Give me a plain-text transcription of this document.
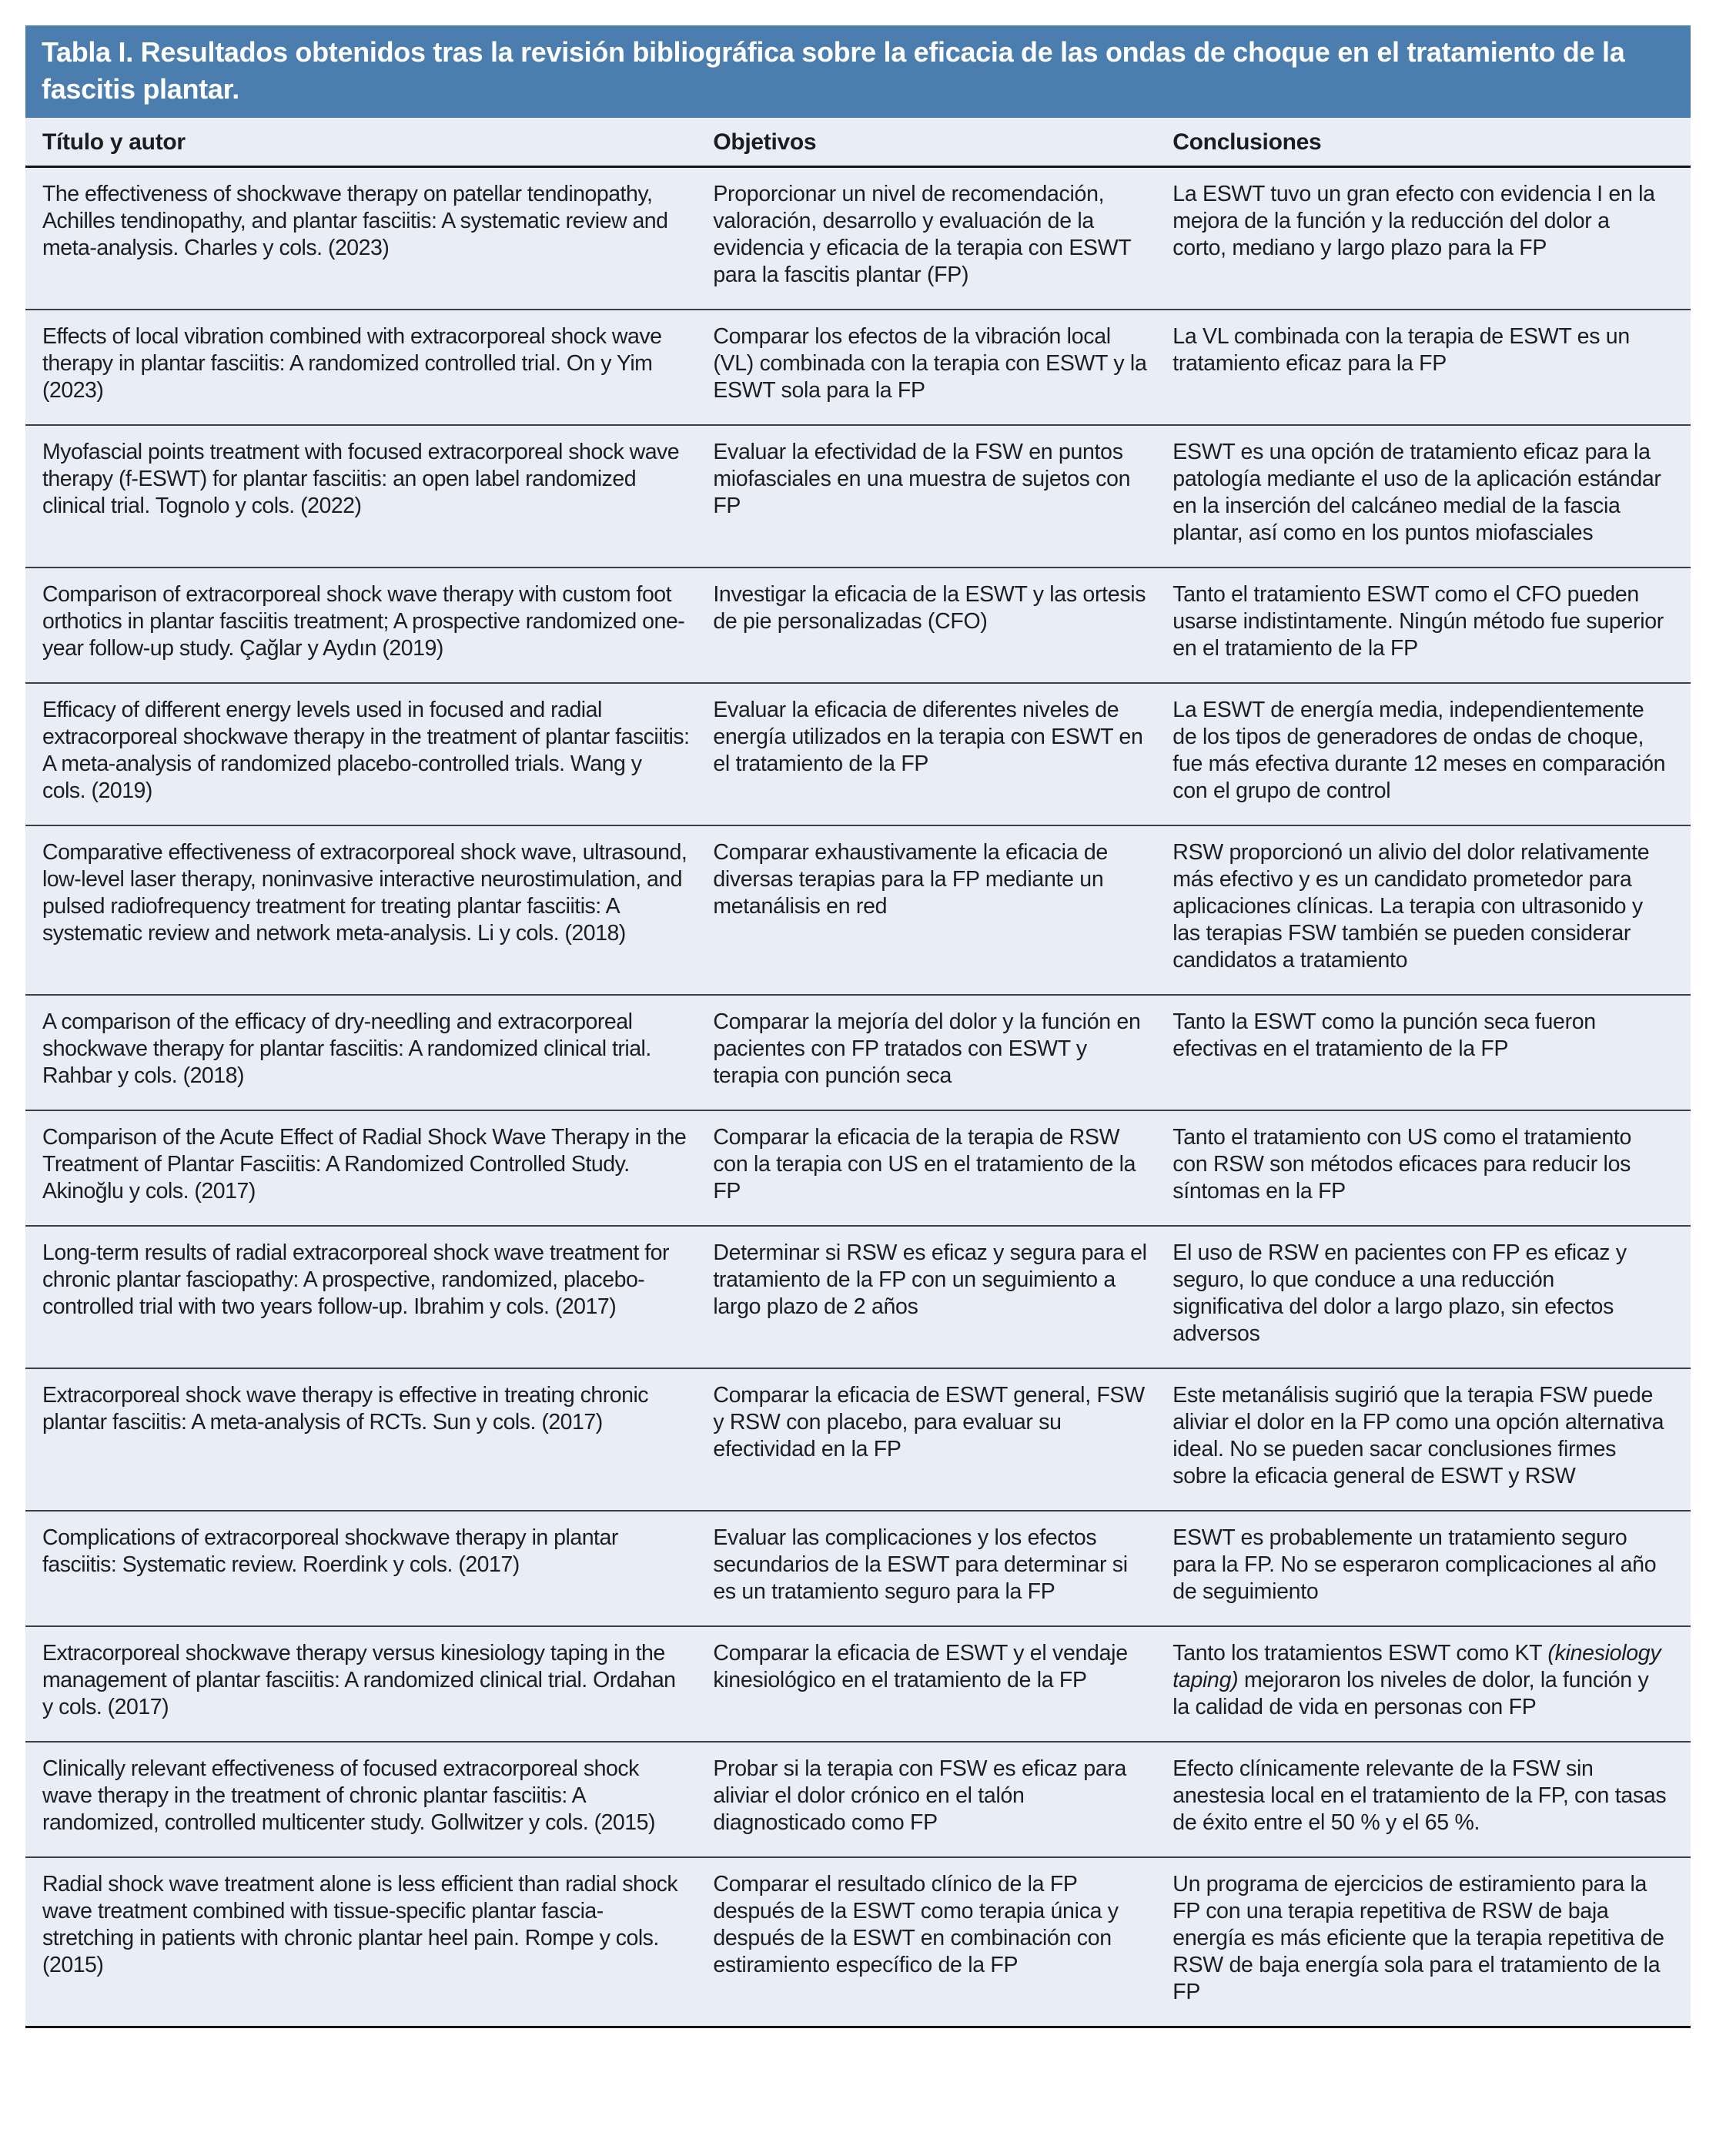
Tabla I. Resultados obtenidos tras la revisión bibliográfica sobre la eficacia de las ondas de choque en el tratamiento de la fascitis plantar.
Título y autor	Objetivos	Conclusiones
The effectiveness of shockwave therapy on patellar tendinopathy, Achilles tendinopathy, and plantar fasciitis: A systematic review and meta-analysis. Charles y cols. (2023)	Proporcionar un nivel de recomendación, valoración, desarrollo y evaluación de la evidencia y eficacia de la terapia con ESWT para la fascitis plantar (FP)	La ESWT tuvo un gran efecto con evidencia I en la mejora de la función y la reducción del dolor a corto, mediano y largo plazo para la FP
Effects of local vibration combined with extracorporeal shock wave therapy in plantar fasciitis: A randomized controlled trial. On y Yim (2023)	Comparar los efectos de la vibración local (VL) combinada con la terapia con ESWT y la ESWT sola para la FP	La VL combinada con la terapia de ESWT es un tratamiento eficaz para la FP
Myofascial points treatment with focused extracorporeal shock wave therapy (f-ESWT) for plantar fasciitis: an open label randomized clinical trial. Tognolo y cols. (2022)	Evaluar la efectividad de la FSW en puntos miofasciales en una muestra de sujetos con FP	ESWT es una opción de tratamiento eficaz para la patología mediante el uso de la aplicación estándar en la inserción del calcáneo medial de la fascia plantar, así como en los puntos miofasciales
Comparison of extracorporeal shock wave therapy with custom foot orthotics in plantar fasciitis treatment; A prospective randomized one-year follow-up study. Çağlar y Aydın (2019)	Investigar la eficacia de la ESWT y las ortesis de pie personalizadas (CFO)	Tanto el tratamiento ESWT como el CFO pueden usarse indistintamente. Ningún método fue superior en el tratamiento de la FP
Efficacy of different energy levels used in focused and radial extracorporeal shockwave therapy in the treatment of plantar fasciitis: A meta-analysis of randomized placebo-controlled trials. Wang y cols. (2019)	Evaluar la eficacia de diferentes niveles de energía utilizados en la terapia con ESWT en el tratamiento de la FP	La ESWT de energía media, independientemente de los tipos de generadores de ondas de choque, fue más efectiva durante 12 meses en comparación con el grupo de control
Comparative effectiveness of extracorporeal shock wave, ultrasound, low-level laser therapy, noninvasive interactive neurostimulation, and pulsed radiofrequency treatment for treating plantar fasciitis: A systematic review and network meta-analysis. Li y cols. (2018)	Comparar exhaustivamente la eficacia de diversas terapias para la FP mediante un metanálisis en red	RSW proporcionó un alivio del dolor relativamente más efectivo y es un candidato prometedor para aplicaciones clínicas. La terapia con ultrasonido y las terapias FSW también se pueden considerar candidatos a tratamiento
A comparison of the efficacy of dry-needling and extracorporeal shockwave therapy for plantar fasciitis: A randomized clinical trial. Rahbar y cols. (2018)	Comparar la mejoría del dolor y la función en pacientes con FP tratados con ESWT y terapia con punción seca	Tanto la ESWT como la punción seca fueron efectivas en el tratamiento de la FP
Comparison of the Acute Effect of Radial Shock Wave Therapy in the Treatment of Plantar Fasciitis: A Randomized Controlled Study. Akinoğlu y cols. (2017)	Comparar la eficacia de la terapia de RSW con la terapia con US en el tratamiento de la FP	Tanto el tratamiento con US como el tratamiento con RSW son métodos eficaces para reducir los síntomas en la FP
Long-term results of radial extracorporeal shock wave treatment for chronic plantar fasciopathy: A prospective, randomized, placebo-controlled trial with two years follow-up. Ibrahim y cols. (2017)	Determinar si RSW es eficaz y segura para el tratamiento de la FP con un seguimiento a largo plazo de 2 años	El uso de RSW en pacientes con FP es eficaz y seguro, lo que conduce a una reducción significativa del dolor a largo plazo, sin efectos adversos
Extracorporeal shock wave therapy is effective in treating chronic plantar fasciitis: A meta-analysis of RCTs. Sun y cols. (2017)	Comparar la eficacia de ESWT general, FSW y RSW con placebo, para evaluar su efectividad en la FP	Este metanálisis sugirió que la terapia FSW puede aliviar el dolor en la FP como una opción alternativa ideal. No se pueden sacar conclusiones firmes sobre la eficacia general de ESWT y RSW
Complications of extracorporeal shockwave therapy in plantar fasciitis: Systematic review. Roerdink y cols. (2017)	Evaluar las complicaciones y los efectos secundarios de la ESWT para determinar si es un tratamiento seguro para la FP	ESWT es probablemente un tratamiento seguro para la FP. No se esperaron complicaciones al año de seguimiento
Extracorporeal shockwave therapy versus kinesiology taping in the management of plantar fasciitis: A randomized clinical trial. Ordahan y cols. (2017)	Comparar la eficacia de ESWT y el vendaje kinesiológico en el tratamiento de la FP	Tanto los tratamientos ESWT como KT (kinesiology taping) mejoraron los niveles de dolor, la función y la calidad de vida en personas con FP
Clinically relevant effectiveness of focused extracorporeal shock wave therapy in the treatment of chronic plantar fasciitis: A randomized, controlled multicenter study. Gollwitzer y cols. (2015)	Probar si la terapia con FSW es eficaz para aliviar el dolor crónico en el talón diagnosticado como FP	Efecto clínicamente relevante de la FSW sin anestesia local en el tratamiento de la FP, con tasas de éxito entre el 50 % y el 65 %.
Radial shock wave treatment alone is less efficient than radial shock wave treatment combined with tissue-specific plantar fascia-stretching in patients with chronic plantar heel pain. Rompe y cols. (2015)	Comparar el resultado clínico de la FP después de la ESWT como terapia única y después de la ESWT en combinación con estiramiento específico de la FP	Un programa de ejercicios de estiramiento para la FP con una terapia repetitiva de RSW de baja energía es más eficiente que la terapia repetitiva de RSW de baja energía sola para el tratamiento de la FP
